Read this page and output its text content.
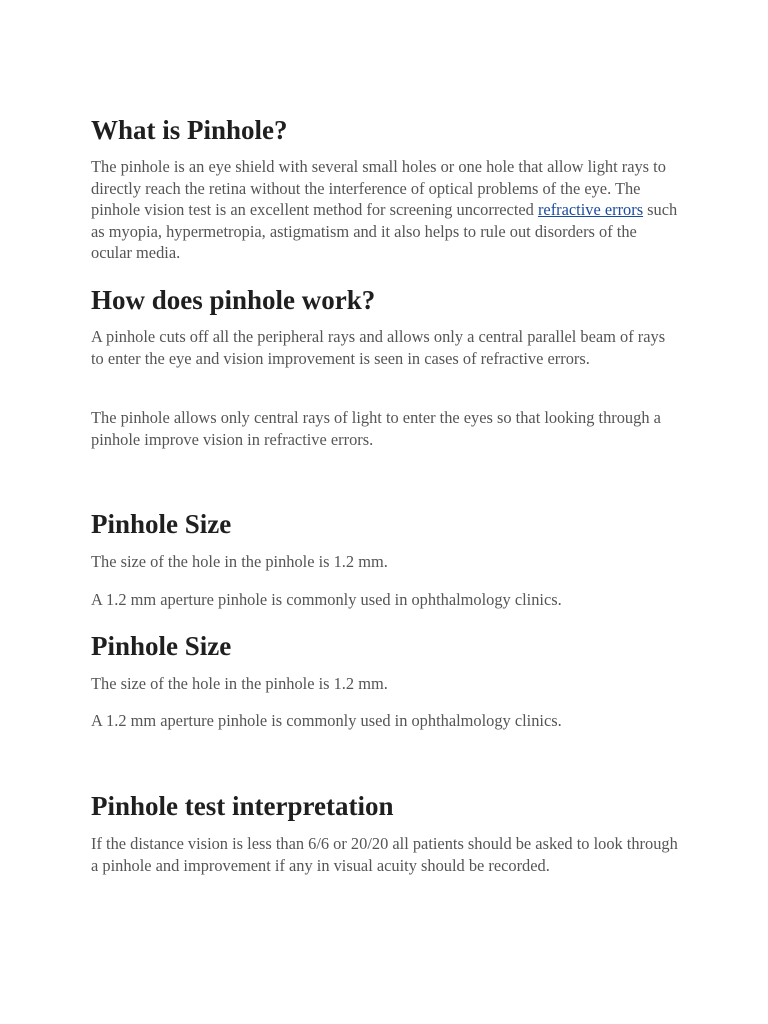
What is Pinhole?

The pinhole is an eye shield with several small holes or one hole that allow light rays to directly reach the retina without the interference of optical problems of the eye. The pinhole vision test is an excellent method for screening uncorrected refractive errors such as myopia, hypermetropia, astigmatism and it also helps to rule out disorders of the ocular media.

How does pinhole work?

A pinhole cuts off all the peripheral rays and allows only a central parallel beam of rays to enter the eye and vision improvement is seen in cases of refractive errors.

The pinhole allows only central rays of light to enter the eyes so that looking through a pinhole improve vision in refractive errors.

Pinhole Size

The size of the hole in the pinhole is 1.2 mm.

A 1.2 mm aperture pinhole is commonly used in ophthalmology clinics.

Pinhole Size

The size of the hole in the pinhole is 1.2 mm.

A 1.2 mm aperture pinhole is commonly used in ophthalmology clinics.

Pinhole test interpretation

If the distance vision is less than 6/6 or 20/20 all patients should be asked to look through a pinhole and improvement if any in visual acuity should be recorded.
